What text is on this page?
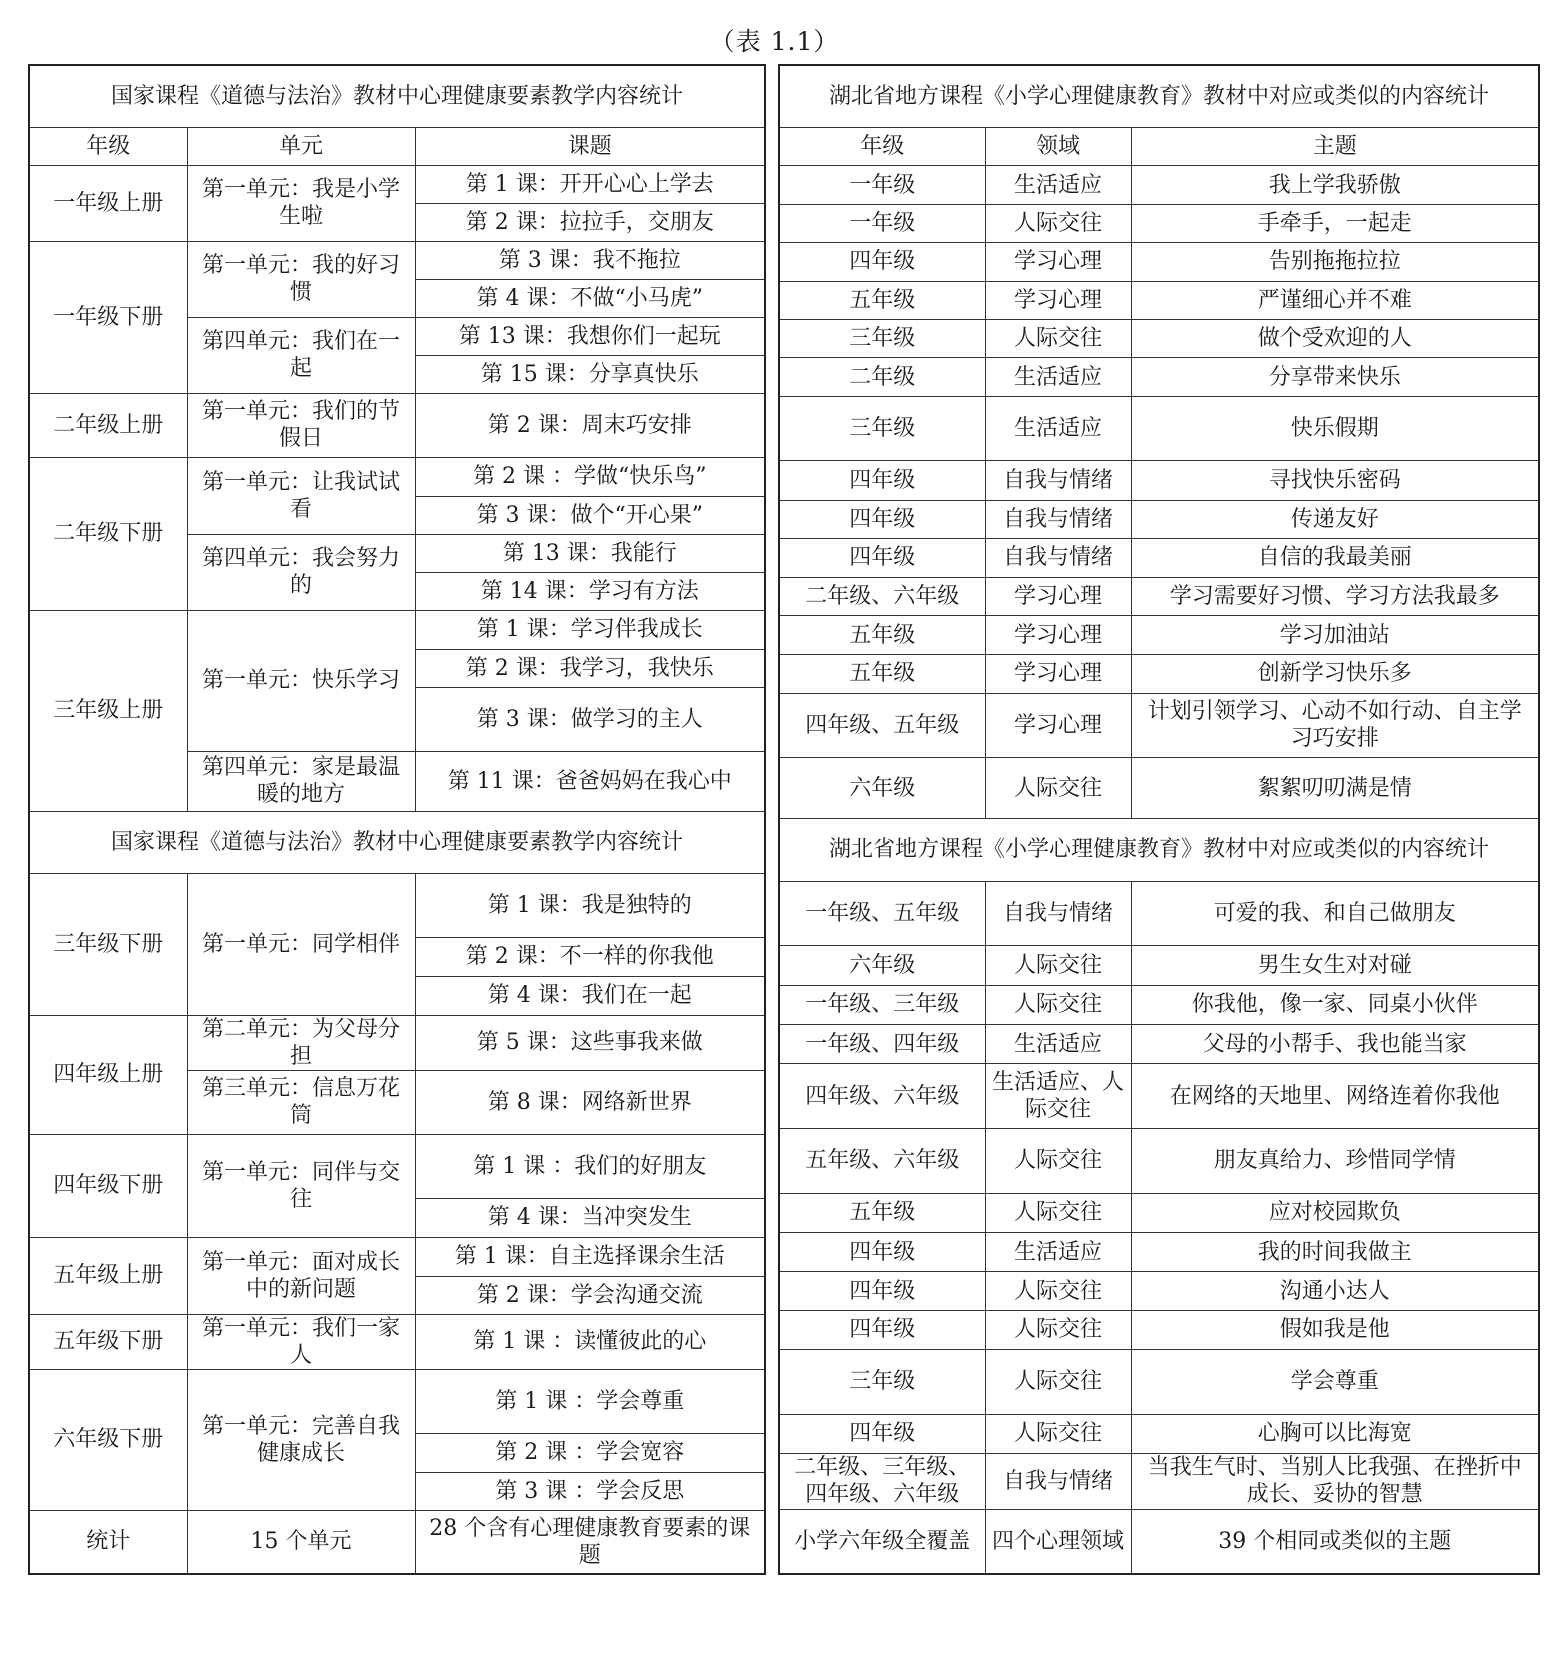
（表 1.1）
国家课程《道德与法治》教材中心理健康要素教学内容统计		
年级	单元	课题
一年级上册	第一单元：我是小学生啦	第 1 课：开开心心上学去
		第 2 课：拉拉手，交朋友
一年级下册	第一单元：我的好习惯	第 3 课：我不拖拉
		第 4 课：不做“小马虎”
	第四单元：我们在一起	第 13 课：我想你们一起玩
		第 15 课：分享真快乐
二年级上册	第一单元：我们的节假日	第 2 课：周末巧安排
二年级下册	第一单元：让我试试看	第 2 课 ：学做“快乐鸟”
		第 3 课：做个“开心果”
	第四单元：我会努力的	第 13 课：我能行
		第 14 课：学习有方法
三年级上册	第一单元：快乐学习	第 1 课：学习伴我成长
		第 2 课：我学习，我快乐
		第 3 课：做学习的主人
	第四单元：家是最温暖的地方	第 11 课：爸爸妈妈在我心中
国家课程《道德与法治》教材中心理健康要素教学内容统计		
三年级下册	第一单元：同学相伴	第 1 课：我是独特的
		第 2 课：不一样的你我他
		第 4 课：我们在一起
四年级上册	第二单元：为父母分担	第 5 课：这些事我来做
	第三单元：信息万花筒	第 8 课：网络新世界
四年级下册	第一单元：同伴与交往	第 1 课 ：我们的好朋友
		第 4 课：当冲突发生
五年级上册	第一单元：面对成长中的新问题	第 1 课：自主选择课余生活
		第 2 课：学会沟通交流
五年级下册	第一单元：我们一家人	第 1 课 ：读懂彼此的心
六年级下册	第一单元：完善自我健康成长	第 1 课 ：学会尊重
		第 2 课 ：学会宽容
		第 3 课 ：学会反思
统计	15 个单元	28 个含有心理健康教育要素的课题
湖北省地方课程《小学心理健康教育》教材中对应或类似的内容统计		
年级	领域	主题
一年级	生活适应	我上学我骄傲
一年级	人际交往	手牵手，一起走
四年级	学习心理	告别拖拖拉拉
五年级	学习心理	严谨细心并不难
三年级	人际交往	做个受欢迎的人
二年级	生活适应	分享带来快乐
三年级	生活适应	快乐假期
四年级	自我与情绪	寻找快乐密码
四年级	自我与情绪	传递友好
四年级	自我与情绪	自信的我最美丽
二年级、六年级	学习心理	学习需要好习惯、学习方法我最多
五年级	学习心理	学习加油站
五年级	学习心理	创新学习快乐多
四年级、五年级	学习心理	计划引领学习、心动不如行动、自主学习巧安排
六年级	人际交往	絮絮叨叨满是情
湖北省地方课程《小学心理健康教育》教材中对应或类似的内容统计		
一年级、五年级	自我与情绪	可爱的我、和自己做朋友
六年级	人际交往	男生女生对对碰
一年级、三年级	人际交往	你我他，像一家、同桌小伙伴
一年级、四年级	生活适应	父母的小帮手、我也能当家
四年级、六年级	生活适应、人际交往	在网络的天地里、网络连着你我他
五年级、六年级	人际交往	朋友真给力、珍惜同学情
五年级	人际交往	应对校园欺负
四年级	生活适应	我的时间我做主
四年级	人际交往	沟通小达人
四年级	人际交往	假如我是他
三年级	人际交往	学会尊重
四年级	人际交往	心胸可以比海宽
二年级、三年级、四年级、六年级	自我与情绪	当我生气时、当别人比我强、在挫折中成长、妥协的智慧
小学六年级全覆盖	四个心理领域	39 个相同或类似的主题
